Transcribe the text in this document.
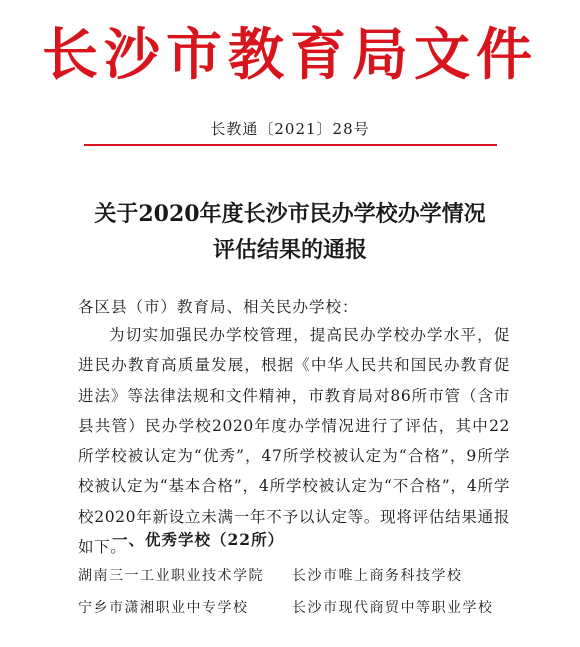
长沙市教育局文件
长教通〔2021〕28号
关于2020年度长沙市民办学校办学情况
评估结果的通报
各区县（市）教育局、相关民办学校：
为切实加强民办学校管理，提高民办学校办学水平，促进民办教育高质量发展，根据《中华人民共和国民办教育促进法》等法律法规和文件精神，市教育局对86所市管（含市县共管）民办学校2020年度办学情况进行了评估，其中22所学校被认定为“优秀”，47所学校被认定为“合格”，9所学校被认定为“基本合格”，4所学校被认定为“不合格”，4所学校2020年新设立未满一年不予以认定等。现将评估结果通报如下。
一、优秀学校（22所）
湖南三一工业职业技术学院 长沙市唯上商务科技学校
宁乡市潇湘职业中专学校	长沙市现代商贸中等职业学校
